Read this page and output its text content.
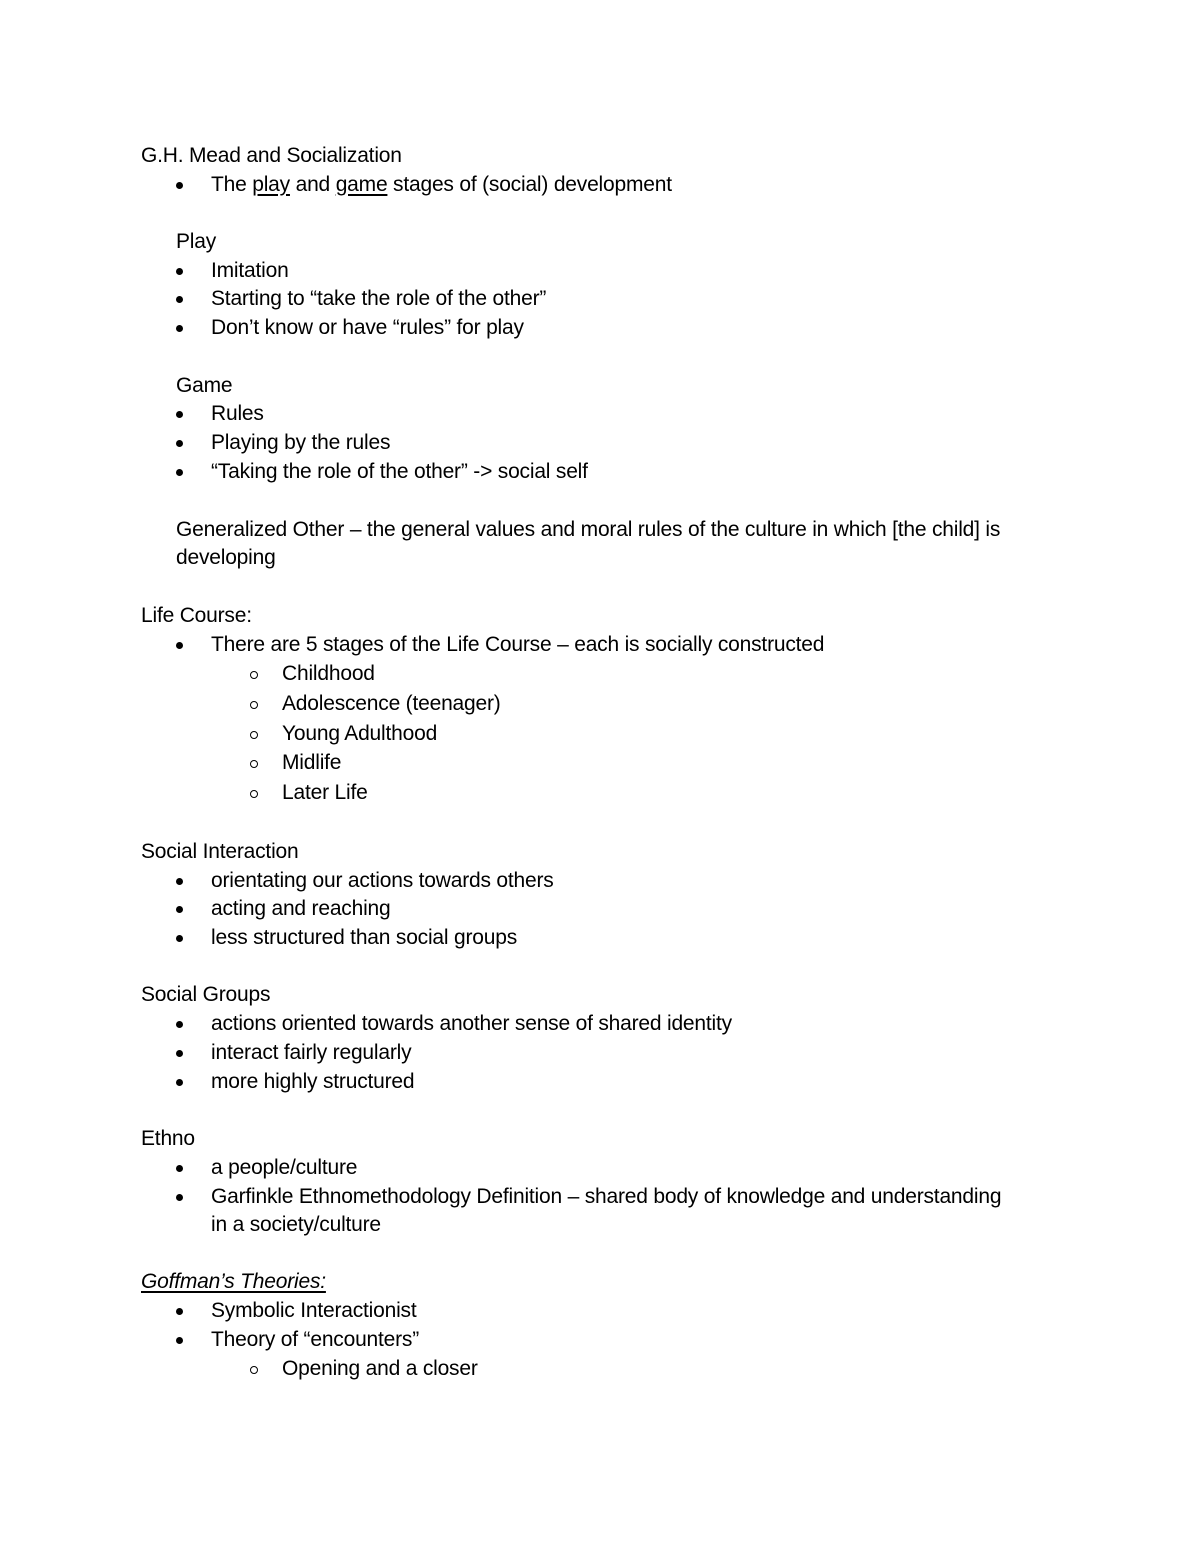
G.H. Mead and Socialization
The play and game stages of (social) development
Play
Imitation
Starting to “take the role of the other”
Don’t know or have “rules” for play
Game
Rules
Playing by the rules
“Taking the role of the other” -> social self
Generalized Other – the general values and moral rules of the culture in which [the child] is
developing
Life Course:
There are 5 stages of the Life Course – each is socially constructed
Childhood
Adolescence (teenager)
Young Adulthood
Midlife
Later Life
Social Interaction
orientating our actions towards others
acting and reaching
less structured than social groups
Social Groups
actions oriented towards another sense of shared identity
interact fairly regularly
more highly structured
Ethno
a people/culture
Garfinkle Ethnomethodology Definition – shared body of knowledge and understanding
in a society/culture
Goffman’s Theories:
Symbolic Interactionist
Theory of “encounters”
Opening and a closer
